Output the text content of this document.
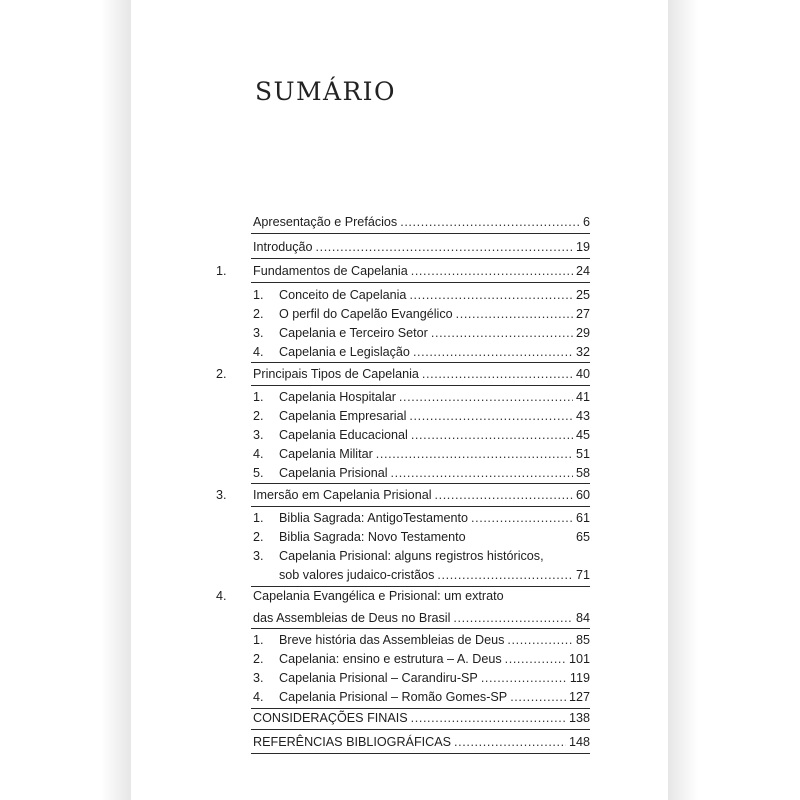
SUMÁRIO
Apresentação e Prefácios .....	6
Introdução .....	19
1. Fundamentos de Capelania .....	24
1. Conceito de Capelania .....	25
2. O perfil do Capelão Evangélico .....	27
3. Capelania e Terceiro Setor .....	29
4. Capelania e Legislação .....	32
2. Principais Tipos de Capelania .....	40
1. Capelania Hospitalar .....	41
2. Capelania Empresarial .....	43
3. Capelania Educacional .....	45
4. Capelania Militar .....	51
5. Capelania Prisional .....	58
3. Imersão em Capelania Prisional .....	60
1. Biblia Sagrada: AntigoTestamento .....	61
2. Biblia Sagrada: Novo Testamento	65
3. Capelania Prisional: alguns registros históricos,
sob valores judaico-cristãos .....	71
4. Capelania Evangélica e Prisional: um extrato
das Assembleias de Deus no Brasil .....	84
1. Breve história das Assembleias de Deus .....	85
2. Capelania: ensino e estrutura – A. Deus .....	101
3. Capelania Prisional – Carandiru-SP .....	119
4. Capelania Prisional – Romão Gomes-SP .....	127
CONSIDERAÇÕES FINAIS .....	138
REFERÊNCIAS BIBLIOGRÁFICAS .....	148
